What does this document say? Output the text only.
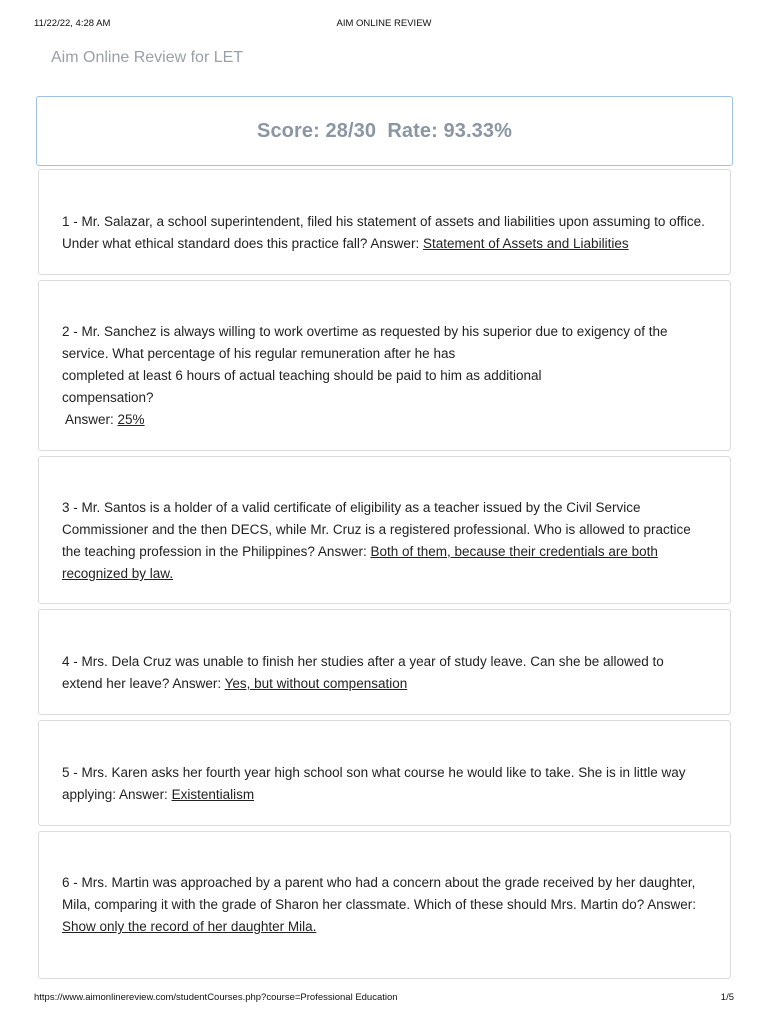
11/22/22, 4:28 AM	AIM ONLINE REVIEW
Aim Online Review for LET
Score: 28/30
Rate: 93.33%
1 - Mr. Salazar, a school superintendent, filed his statement of assets and liabilities upon assuming to office. Under what ethical standard does this practice fall? Answer: Statement of Assets and Liabilities
2 - Mr. Sanchez is always willing to work overtime as requested by his superior due to exigency of the service. What percentage of his regular remuneration after he has
completed at least 6 hours of actual teaching should be paid to him as additional
compensation?
Answer: 25%
3 - Mr. Santos is a holder of a valid certificate of eligibility as a teacher issued by the Civil Service Commissioner and the then DECS, while Mr. Cruz is a registered professional. Who is allowed to practice the teaching profession in the Philippines? Answer: Both of them, because their credentials are both recognized by law.
4 - Mrs. Dela Cruz was unable to finish her studies after a year of study leave. Can she be allowed to extend her leave? Answer: Yes, but without compensation
5 - Mrs. Karen asks her fourth year high school son what course he would like to take. She is in little way applying: Answer: Existentialism
6 - Mrs. Martin was approached by a parent who had a concern about the grade received by her daughter, Mila, comparing it with the grade of Sharon her classmate. Which of these should Mrs. Martin do? Answer: Show only the record of her daughter Mila.
https://www.aimonlinereview.com/studentCourses.php?course=Professional Education	1/5
